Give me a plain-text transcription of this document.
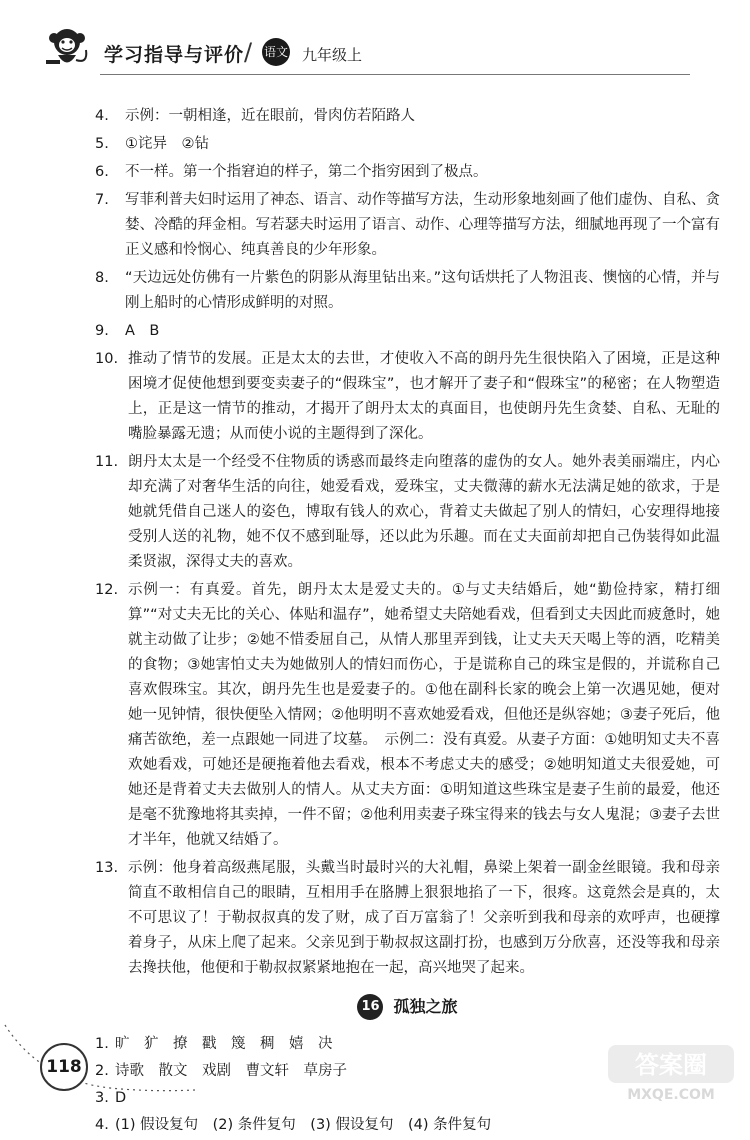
学习指导与评价 / 语文 九年级上
4.	示例：一朝相逢，近在眼前，骨肉仿若陌路人
5.	①诧异　②钻
6.	不一样。第一个指窘迫的样子，第二个指穷困到了极点。
7.	写菲利普夫妇时运用了神态、语言、动作等描写方法，生动形象地刻画了他们虚伪、自私、贪婪、冷酷的拜金相。写若瑟夫时运用了语言、动作、心理等描写方法，细腻地再现了一个富有正义感和怜悯心、纯真善良的少年形象。
8.	“天边远处仿佛有一片紫色的阴影从海里钻出来。”这句话烘托了人物沮丧、懊恼的心情，并与刚上船时的心情形成鲜明的对照。
9.	A　B
10. 推动了情节的发展。正是太太的去世，才使收入不高的朗丹先生很快陷入了困境，正是这种困境才促使他想到要变卖妻子的“假珠宝”，也才解开了妻子和“假珠宝”的秘密；在人物塑造上，正是这一情节的推动，才揭开了朗丹太太的真面目，也使朗丹先生贪婪、自私、无耻的嘴脸暴露无遗；从而使小说的主题得到了深化。
11. 朗丹太太是一个经受不住物质的诱惑而最终走向堕落的虚伪的女人。她外表美丽端庄，内心却充满了对奢华生活的向往，她爱看戏，爱珠宝，丈夫微薄的薪水无法满足她的欲求，于是她就凭借自己迷人的姿色，博取有钱人的欢心，背着丈夫做起了别人的情妇，心安理得地接受别人送的礼物，她不仅不感到耻辱，还以此为乐趣。而在丈夫面前却把自己伪装得如此温柔贤淑，深得丈夫的喜欢。
12. 示例一：有真爱。首先，朗丹太太是爱丈夫的。①与丈夫结婚后，她“勤俭持家，精打细算”“对丈夫无比的关心、体贴和温存”，她希望丈夫陪她看戏，但看到丈夫因此而疲惫时，她就主动做了让步；②她不惜委屈自己，从情人那里弄到钱，让丈夫天天喝上等的酒，吃精美的食物；③她害怕丈夫为她做别人的情妇而伤心，于是谎称自己的珠宝是假的，并谎称自己喜欢假珠宝。其次，朗丹先生也是爱妻子的。①他在副科长家的晚会上第一次遇见她，便对她一见钟情，很快便坠入情网；②他明明不喜欢她爱看戏，但他还是纵容她；③妻子死后，他痛苦欲绝，差一点跟她一同进了坟墓。　示例二：没有真爱。从妻子方面：①她明知丈夫不喜欢她看戏，可她还是硬拖着他去看戏，根本不考虑丈夫的感受；②她明知道丈夫很爱她，可她还是背着丈夫去做别人的情人。从丈夫方面：①明知道这些珠宝是妻子生前的最爱，他还是毫不犹豫地将其卖掉，一件不留；②他利用卖妻子珠宝得来的钱去与女人鬼混；③妻子去世才半年，他就又结婚了。
13. 示例：他身着高级燕尾服，头戴当时最时兴的大礼帽，鼻梁上架着一副金丝眼镜。我和母亲简直不敢相信自己的眼睛，互相用手在胳膊上狠狠地掐了一下，很疼。这竟然会是真的，太不可思议了！于勒叔叔真的发了财，成了百万富翁了！父亲听到我和母亲的欢呼声，也硬撑着身子，从床上爬了起来。父亲见到于勒叔叔这副打扮，也感到万分欣喜，还没等我和母亲去搀扶他，他便和于勒叔叔紧紧地抱在一起，高兴地哭了起来。
16 孤独之旅
1. 旷　犷　撩　戳　篾　稠　嬉　决
2. 诗歌　散文　戏剧　曹文轩　草房子
3. D
4. (1) 假设复句　(2) 条件复句　(3) 假设复句　(4) 条件复句
118	答案圈
MXQE.COM
